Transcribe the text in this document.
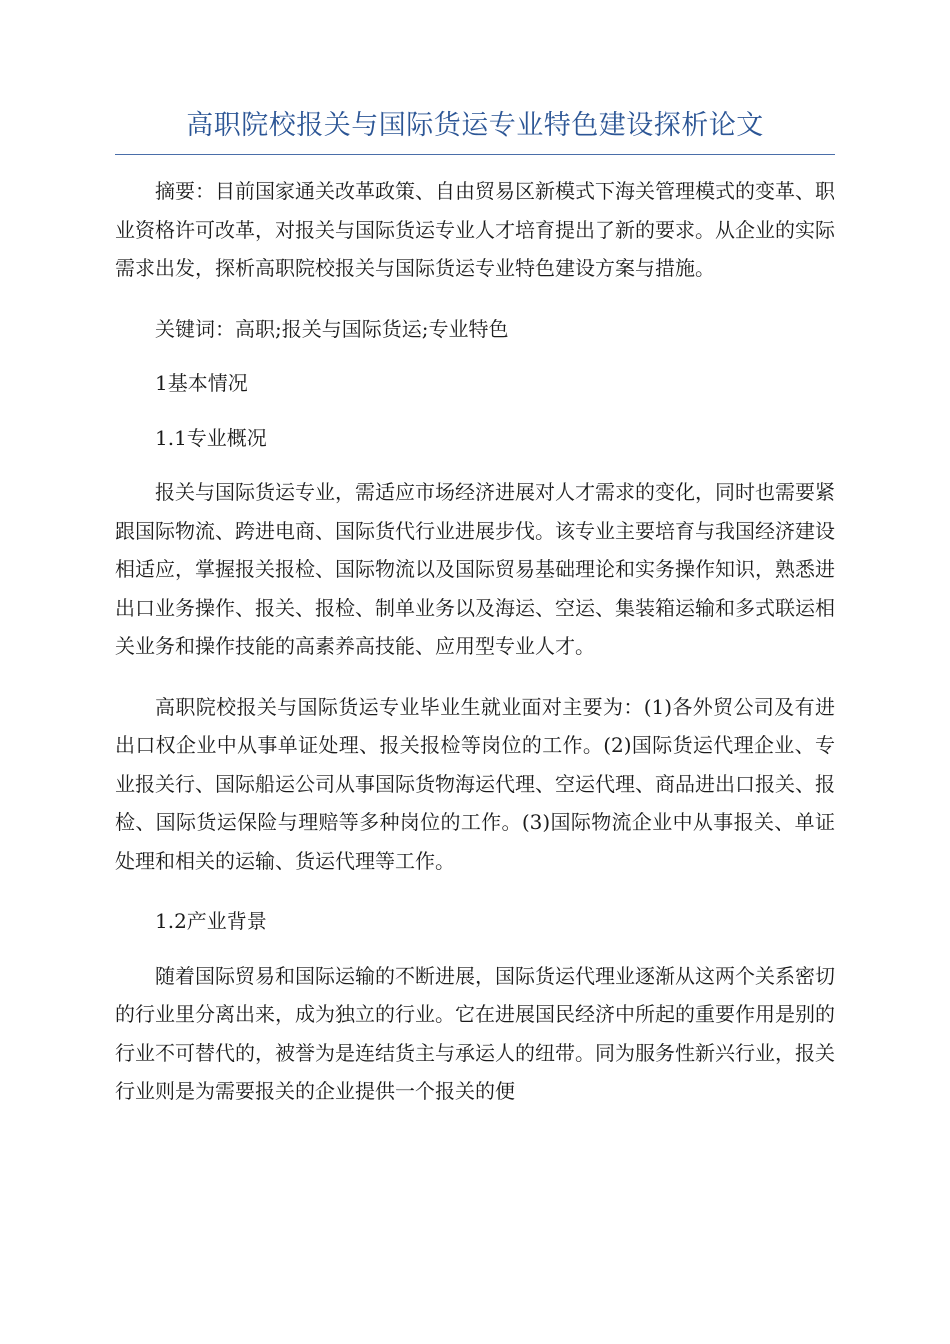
高职院校报关与国际货运专业特色建设探析论文

摘要：目前国家通关改革政策、自由贸易区新模式下海关管理模式的变革、职业资格许可改革，对报关与国际货运专业人才培育提出了新的要求。从企业的实际需求出发，探析高职院校报关与国际货运专业特色建设方案与措施。

关键词：高职;报关与国际货运;专业特色

1基本情况

1.1专业概况

报关与国际货运专业，需适应市场经济进展对人才需求的变化，同时也需要紧跟国际物流、跨进电商、国际货代行业进展步伐。该专业主要培育与我国经济建设相适应，掌握报关报检、国际物流以及国际贸易基础理论和实务操作知识，熟悉进出口业务操作、报关、报检、制单业务以及海运、空运、集装箱运输和多式联运相关业务和操作技能的高素养高技能、应用型专业人才。

高职院校报关与国际货运专业毕业生就业面对主要为：(1)各外贸公司及有进出口权企业中从事单证处理、报关报检等岗位的工作。(2)国际货运代理企业、专业报关行、国际船运公司从事国际货物海运代理、空运代理、商品进出口报关、报检、国际货运保险与理赔等多种岗位的工作。(3)国际物流企业中从事报关、单证处理和相关的运输、货运代理等工作。

1.2产业背景

随着国际贸易和国际运输的不断进展，国际货运代理业逐渐从这两个关系密切的行业里分离出来，成为独立的行业。它在进展国民经济中所起的重要作用是别的行业不可替代的，被誉为是连结货主与承运人的纽带。同为服务性新兴行业，报关行业则是为需要报关的企业提供一个报关的便
